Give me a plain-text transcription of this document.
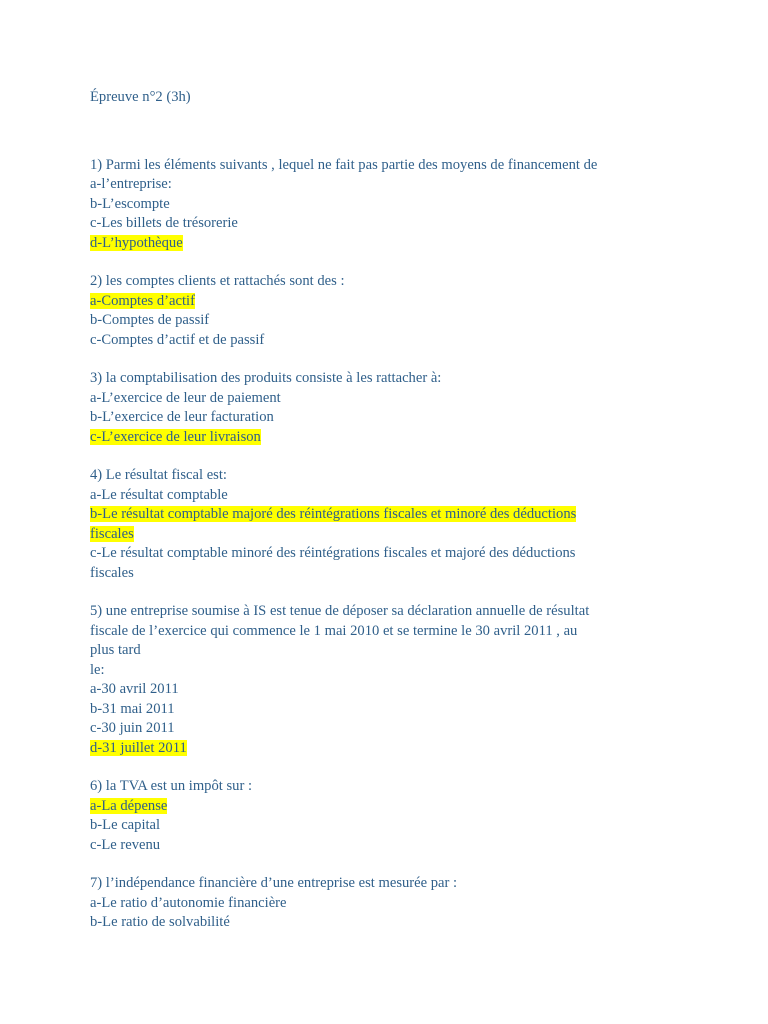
Épreuve n°2 (3h)
1) Parmi les éléments suivants , lequel ne fait pas partie des moyens de financement de
a-l’entreprise:
b-L’escompte
c-Les billets de trésorerie
d-L’hypothèque
2) les comptes clients et rattachés sont des :
a-Comptes d’actif
b-Comptes de passif
c-Comptes d’actif et de passif
3) la comptabilisation des produits consiste à les rattacher à:
a-L’exercice de leur de paiement
b-L’exercice de leur facturation
c-L’exercice de leur livraison
4) Le résultat fiscal est:
a-Le résultat comptable
b-Le résultat comptable majoré des réintégrations fiscales et minoré des déductions
fiscales
c-Le résultat comptable minoré des réintégrations fiscales et majoré des déductions
fiscales
5) une entreprise soumise à IS est tenue de déposer sa déclaration annuelle de résultat
fiscale de l’exercice qui commence le 1 mai 2010 et se termine le 30 avril 2011 , au
plus tard
le:
a-30 avril 2011
b-31 mai 2011
c-30 juin 2011
d-31 juillet 2011
6) la TVA est un impôt sur :
a-La dépense
b-Le capital
c-Le revenu
7) l’indépendance financière d’une entreprise est mesurée par :
a-Le ratio d’autonomie financière
b-Le ratio de solvabilité
